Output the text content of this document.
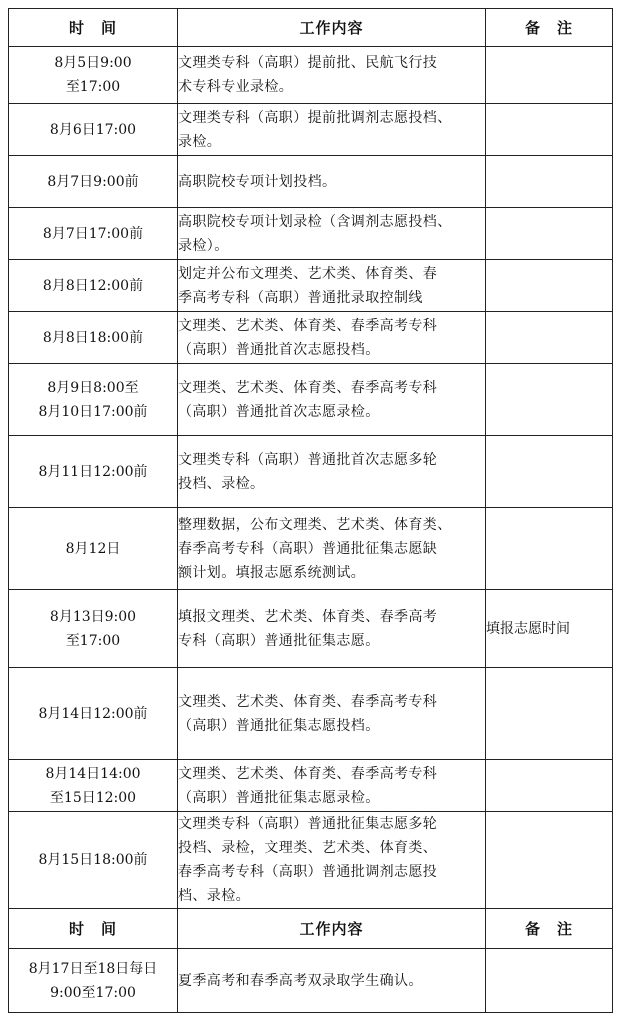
时　间	工作内容	备　注

8月5日9:00
至17:00	文理类专科（高职）提前批、民航飞行技
术专科专业录检。	

8月6日17:00	文理类专科（高职）提前批调剂志愿投档、
录检。	

8月7日9:00前	高职院校专项计划投档。	

8月7日17:00前	高职院校专项计划录检（含调剂志愿投档、
录检）。	

8月8日12:00前	划定并公布文理类、艺术类、体育类、春
季高考专科（高职）普通批录取控制线	

8月8日18:00前	文理类、艺术类、体育类、春季高考专科
（高职）普通批首次志愿投档。	

8月9日8:00至
8月10日17:00前	文理类、艺术类、体育类、春季高考专科
（高职）普通批首次志愿录检。	

8月11日12:00前	文理类专科（高职）普通批首次志愿多轮
投档、录检。	

8月12日	整理数据，公布文理类、艺术类、体育类、
春季高考专科（高职）普通批征集志愿缺
额计划。填报志愿系统测试。	

8月13日9:00
至17:00	填报文理类、艺术类、体育类、春季高考
专科（高职）普通批征集志愿。	填报志愿时间

8月14日12:00前	文理类、艺术类、体育类、春季高考专科
（高职）普通批征集志愿投档。	

8月14日14:00
至15日12:00	文理类、艺术类、体育类、春季高考专科
（高职）普通批征集志愿录检。	

8月15日18:00前	文理类专科（高职）普通批征集志愿多轮
投档、录检，文理类、艺术类、体育类、
春季高考专科（高职）普通批调剂志愿投
档、录检。	

时　间	工作内容	备　注

8月17日至18日每日
9:00至17:00	夏季高考和春季高考双录取学生确认。	
